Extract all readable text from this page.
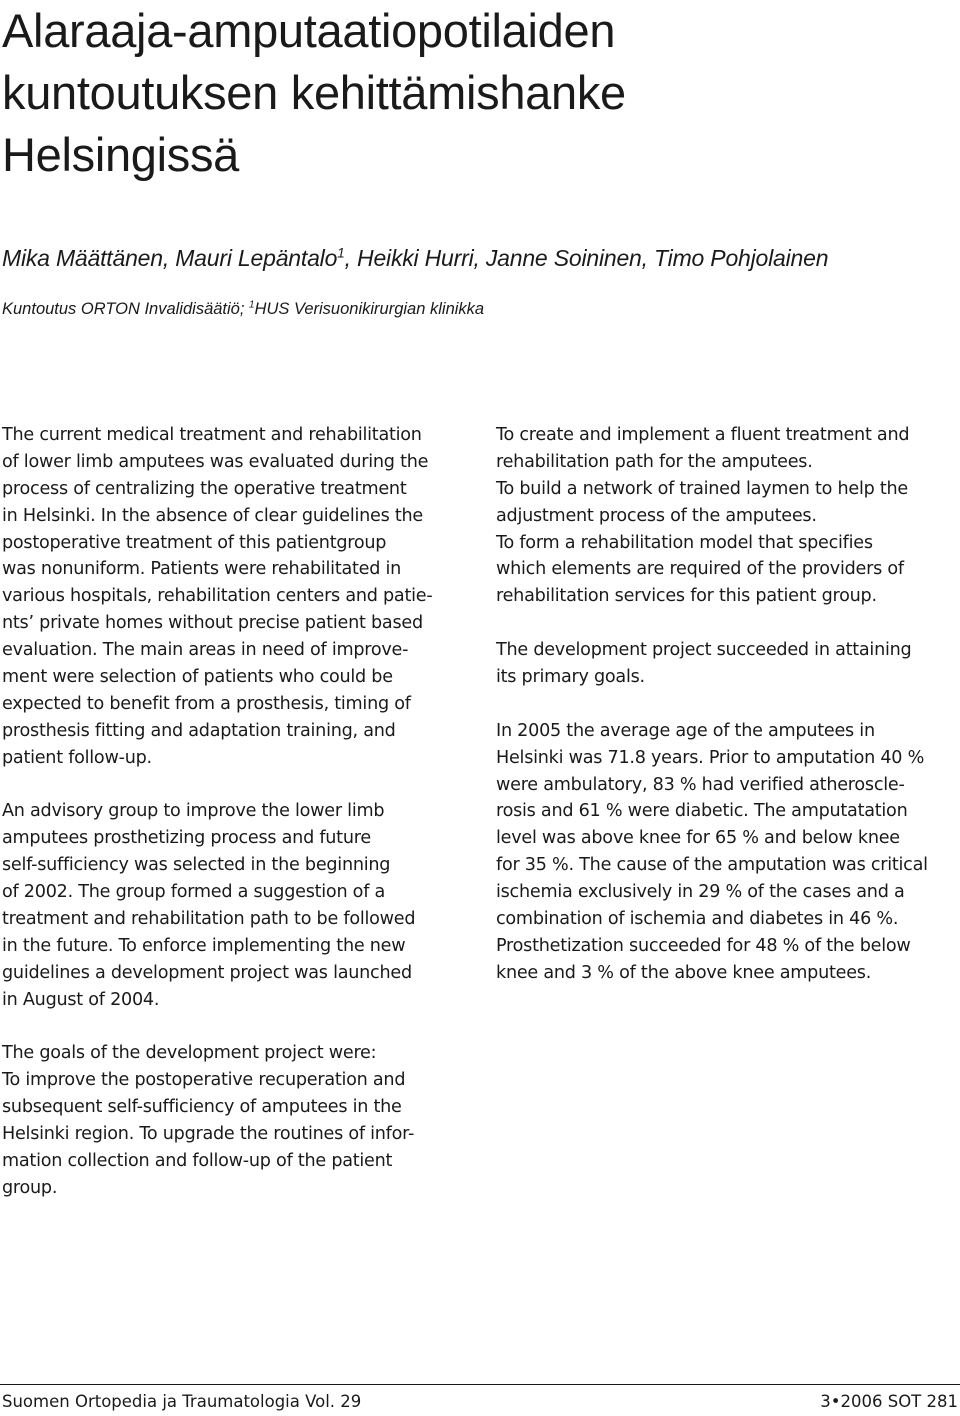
Alaraaja-amputaatiopotilaiden
kuntoutuksen kehittämishanke
Helsingissä
Mika Määttänen, Mauri Lepäntalo$^1$, Heikki Hurri, Janne Soininen, Timo Pohjolainen
Kuntoutus ORTON Invalidisäätiö; $^1$HUS Verisuonikirurgian klinikka

The current medical treatment and rehabilitation
of lower limb amputees was evaluated during the
process of centralizing the operative treatment
in Helsinki. In the absence of clear guidelines the
postoperative treatment of this patientgroup
was nonuniform. Patients were rehabilitated in
various hospitals, rehabilitation centers and patie-
nts’ private homes without precise patient based
evaluation. The main areas in need of improve-
ment were selection of patients who could be
expected to benefit from a prosthesis, timing of
prosthesis fitting and adaptation training, and
patient follow-up.

An advisory group to improve the lower limb
amputees prosthetizing process and future
self-sufficiency was selected in the beginning
of 2002. The group formed a suggestion of a
treatment and rehabilitation path to be followed
in the future. To enforce implementing the new
guidelines a development project was launched
in August of 2004.

The goals of the development project were:
To improve the postoperative recuperation and
subsequent self-sufficiency of amputees in the
Helsinki region. To upgrade the routines of infor-
mation collection and follow-up of the patient
group.

To create and implement a fluent treatment and
rehabilitation path for the amputees.
To build a network of trained laymen to help the
adjustment process of the amputees.
To form a rehabilitation model that specifies
which elements are required of the providers of
rehabilitation services for this patient group.

The development project succeeded in attaining
its primary goals.

In 2005 the average age of the amputees in
Helsinki was 71.8 years. Prior to amputation 40 %
were ambulatory, 83 % had verified atheroscle-
rosis and 61 % were diabetic. The amputatation
level was above knee for 65 % and below knee
for 35 %. The cause of the amputation was critical
ischemia exclusively in 29 % of the cases and a
combination of ischemia and diabetes in 46 %.
Prosthetization succeeded for 48 % of the below
knee and 3 % of the above knee amputees.

Suomen Ortopedia ja Traumatologia Vol. 29	3•2006 SOT 281
